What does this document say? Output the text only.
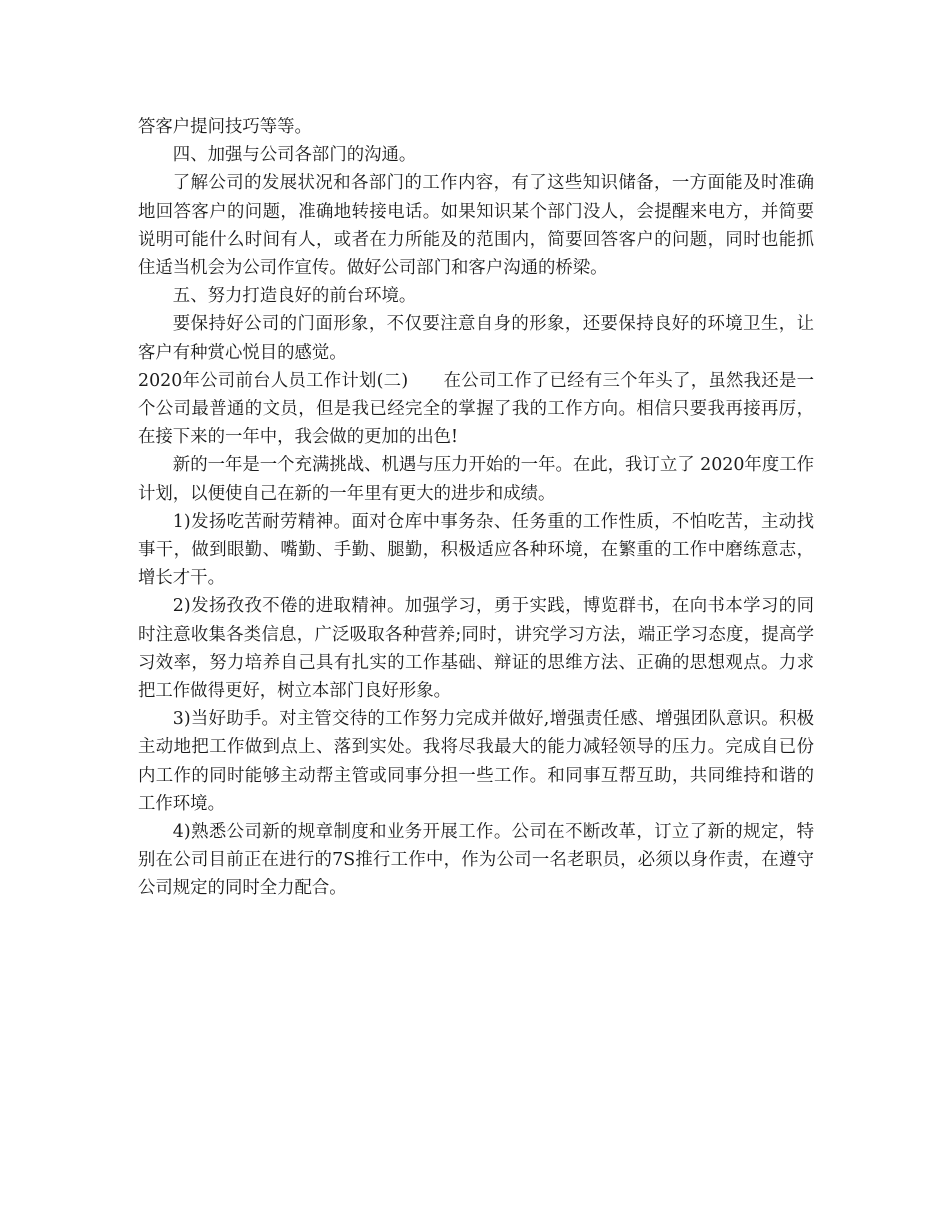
答客户提问技巧等等。

四、加强与公司各部门的沟通。

了解公司的发展状况和各部门的工作内容，有了这些知识储备，一方面能及时准确地回答客户的问题，准确地转接电话。如果知识某个部门没人，会提醒来电方，并简要说明可能什么时间有人，或者在力所能及的范围内，简要回答客户的问题，同时也能抓住适当机会为公司作宣传。做好公司部门和客户沟通的桥梁。

五、努力打造良好的前台环境。

要保持好公司的门面形象，不仅要注意自身的形象，还要保持良好的环境卫生，让客户有种赏心悦目的感觉。

2020年公司前台人员工作计划(二)　　在公司工作了已经有三个年头了，虽然我还是一个公司最普通的文员，但是我已经完全的掌握了我的工作方向。相信只要我再接再厉，在接下来的一年中，我会做的更加的出色!

新的一年是一个充满挑战、机遇与压力开始的一年。在此，我订立了 2020年度工作计划，以便使自己在新的一年里有更大的进步和成绩。

1)发扬吃苦耐劳精神。面对仓库中事务杂、任务重的工作性质，不怕吃苦，主动找事干，做到眼勤、嘴勤、手勤、腿勤，积极适应各种环境，在繁重的工作中磨练意志，增长才干。

2)发扬孜孜不倦的进取精神。加强学习，勇于实践，博览群书，在向书本学习的同时注意收集各类信息，广泛吸取各种营养;同时，讲究学习方法，端正学习态度，提高学习效率，努力培养自己具有扎实的工作基础、辩证的思维方法、正确的思想观点。力求把工作做得更好，树立本部门良好形象。

3)当好助手。对主管交待的工作努力完成并做好,增强责任感、增强团队意识。积极主动地把工作做到点上、落到实处。我将尽我最大的能力减轻领导的压力。完成自已份内工作的同时能够主动帮主管或同事分担一些工作。和同事互帮互助，共同维持和谐的工作环境。

4)熟悉公司新的规章制度和业务开展工作。公司在不断改革，订立了新的规定，特别在公司目前正在进行的7S推行工作中，作为公司一名老职员，必须以身作责，在遵守公司规定的同时全力配合。
